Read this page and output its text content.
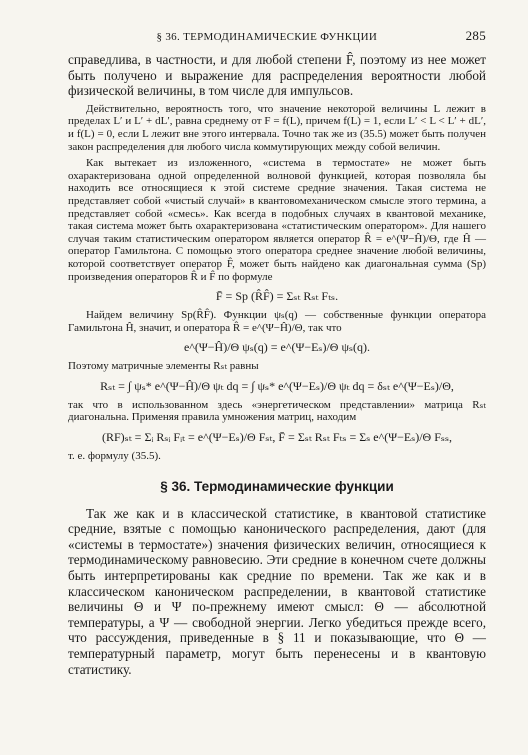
§ 36. ТЕРМОДИНАМИЧЕСКИЕ ФУНКЦИИ	285

справедлива, в частности, и для любой степени F̂, поэтому из нее может быть получено и выражение для распределения вероятности любой физической величины, в том числе для импульсов.

Действительно, вероятность того, что значение некоторой величины L лежит в пределах L′ и L′ + dL′, равна среднему от F = f(L), причем f(L) = 1, если L′ < L < L′ + dL′, и f(L) = 0, если L лежит вне этого интервала. Точно так же из (35.5) может быть получен закон распределения для любого числа коммутирующих между собой величин.

Как вытекает из изложенного, «система в термостате» не может быть охарактеризована одной определенной волновой функцией, которая позволяла бы находить все относящиеся к этой системе средние значения. Такая система не представляет собой «чистый случай» в квантовомеханическом смысле этого термина, а представляет собой «смесь». Как всегда в подобных случаях в квантовой механике, такая система может быть охарактеризована «статистическим оператором». Для нашего случая таким статистическим оператором является оператор R̂ = e^(Ψ−Ĥ)/Θ, где Ĥ — оператор Гамильтона. С помощью этого оператора среднее значение любой величины, которой соответствует оператор F̂, может быть найдено как диагональная сумма (Sp) произведения операторов R̂ и F̂ по формуле

F̄ = Sp (R̂F̂) = Σₛₜ Rₛₜ Fₜₛ.

Найдем величину Sp(R̂F̂). Функции ψₛ(q) — собственные функции оператора Гамильтона Ĥ, значит, и оператора R̂ = e^(Ψ−Ĥ)/Θ, так что

e^(Ψ−Ĥ)/Θ ψₛ(q) = e^(Ψ−Eₛ)/Θ ψₛ(q).

Поэтому матричные элементы Rₛₜ равны

Rₛₜ = ∫ ψₛ* e^(Ψ−Ĥ)/Θ ψₜ dq = ∫ ψₛ* e^(Ψ−Eₛ)/Θ ψₜ dq = δₛₜ e^(Ψ−Eₛ)/Θ,

так что в использованном здесь «энергетическом представлении» матрица Rₛₜ диагональна. Применяя правила умножения матриц, находим

(RF)ₛₜ = Σᵢ Rₛᵢ Fᵢₜ = e^(Ψ−Eₛ)/Θ Fₛₜ, F̄ = Σₛₜ Rₛₜ Fₜₛ = Σₛ e^(Ψ−Eₛ)/Θ Fₛₛ,

т. е. формулу (35.5).

§ 36. Термодинамические функции

Так же как и в классической статистике, в квантовой статистике средние, взятые с помощью канонического распределения, дают (для «системы в термостате») значения физических величин, относящиеся к термодинамическому равновесию. Эти средние в конечном счете должны быть интерпретированы как средние по времени. Так же как и в классическом каноническом распределении, в квантовой статистике величины Θ и Ψ по-прежнему имеют смысл: Θ — абсолютной температуры, а Ψ — свободной энергии. Легко убедиться прежде всего, что рассуждения, приведенные в § 11 и показывающие, что Θ — температурный параметр, могут быть перенесены и в квантовую статистику.
